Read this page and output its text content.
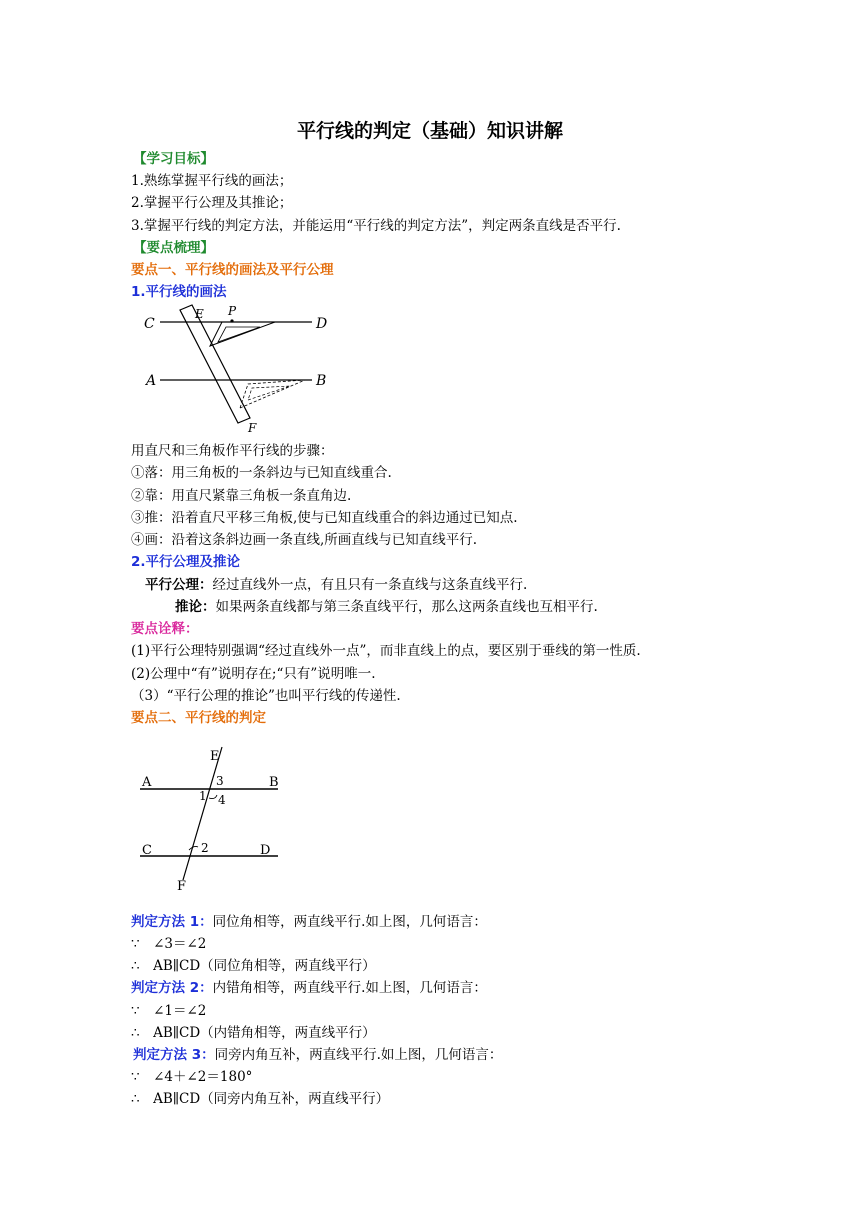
平行线的判定（基础）知识讲解
【学习目标】
1.熟练掌握平行线的画法；
2.掌握平行公理及其推论；
3.掌握平行线的判定方法，并能运用“平行线的判定方法”，判定两条直线是否平行.
【要点梳理】
要点一、平行线的画法及平行公理
1.平行线的画法
C	D
E P
A	B
F
用直尺和三角板作平行线的步骤：
①落：用三角板的一条斜边与已知直线重合.
②靠：用直尺紧靠三角板一条直角边.
③推：沿着直尺平移三角板,使与已知直线重合的斜边通过已知点.
④画：沿着这条斜边画一条直线,所画直线与已知直线平行.
2.平行公理及推论
平行公理：经过直线外一点，有且只有一条直线与这条直线平行.
推论：如果两条直线都与第三条直线平行，那么这两条直线也互相平行.
要点诠释：
(1)平行公理特别强调“经过直线外一点”，而非直线上的点，要区别于垂线的第一性质.
(2)公理中“有”说明存在;“只有”说明唯一.
（3）“平行公理的推论”也叫平行线的传递性.
要点二、平行线的判定
E
A	B
3
1 4
C	2	D
F
判定方法 1：同位角相等，两直线平行.如上图，几何语言：
∵　∠3＝∠2
∴　AB∥CD（同位角相等，两直线平行）
判定方法 2：内错角相等，两直线平行.如上图，几何语言：
∵　∠1＝∠2
∴　AB∥CD（内错角相等，两直线平行）
判定方法 3：同旁内角互补，两直线平行.如上图，几何语言：
∵　∠4＋∠2＝180°
∴　AB∥CD（同旁内角互补，两直线平行）
